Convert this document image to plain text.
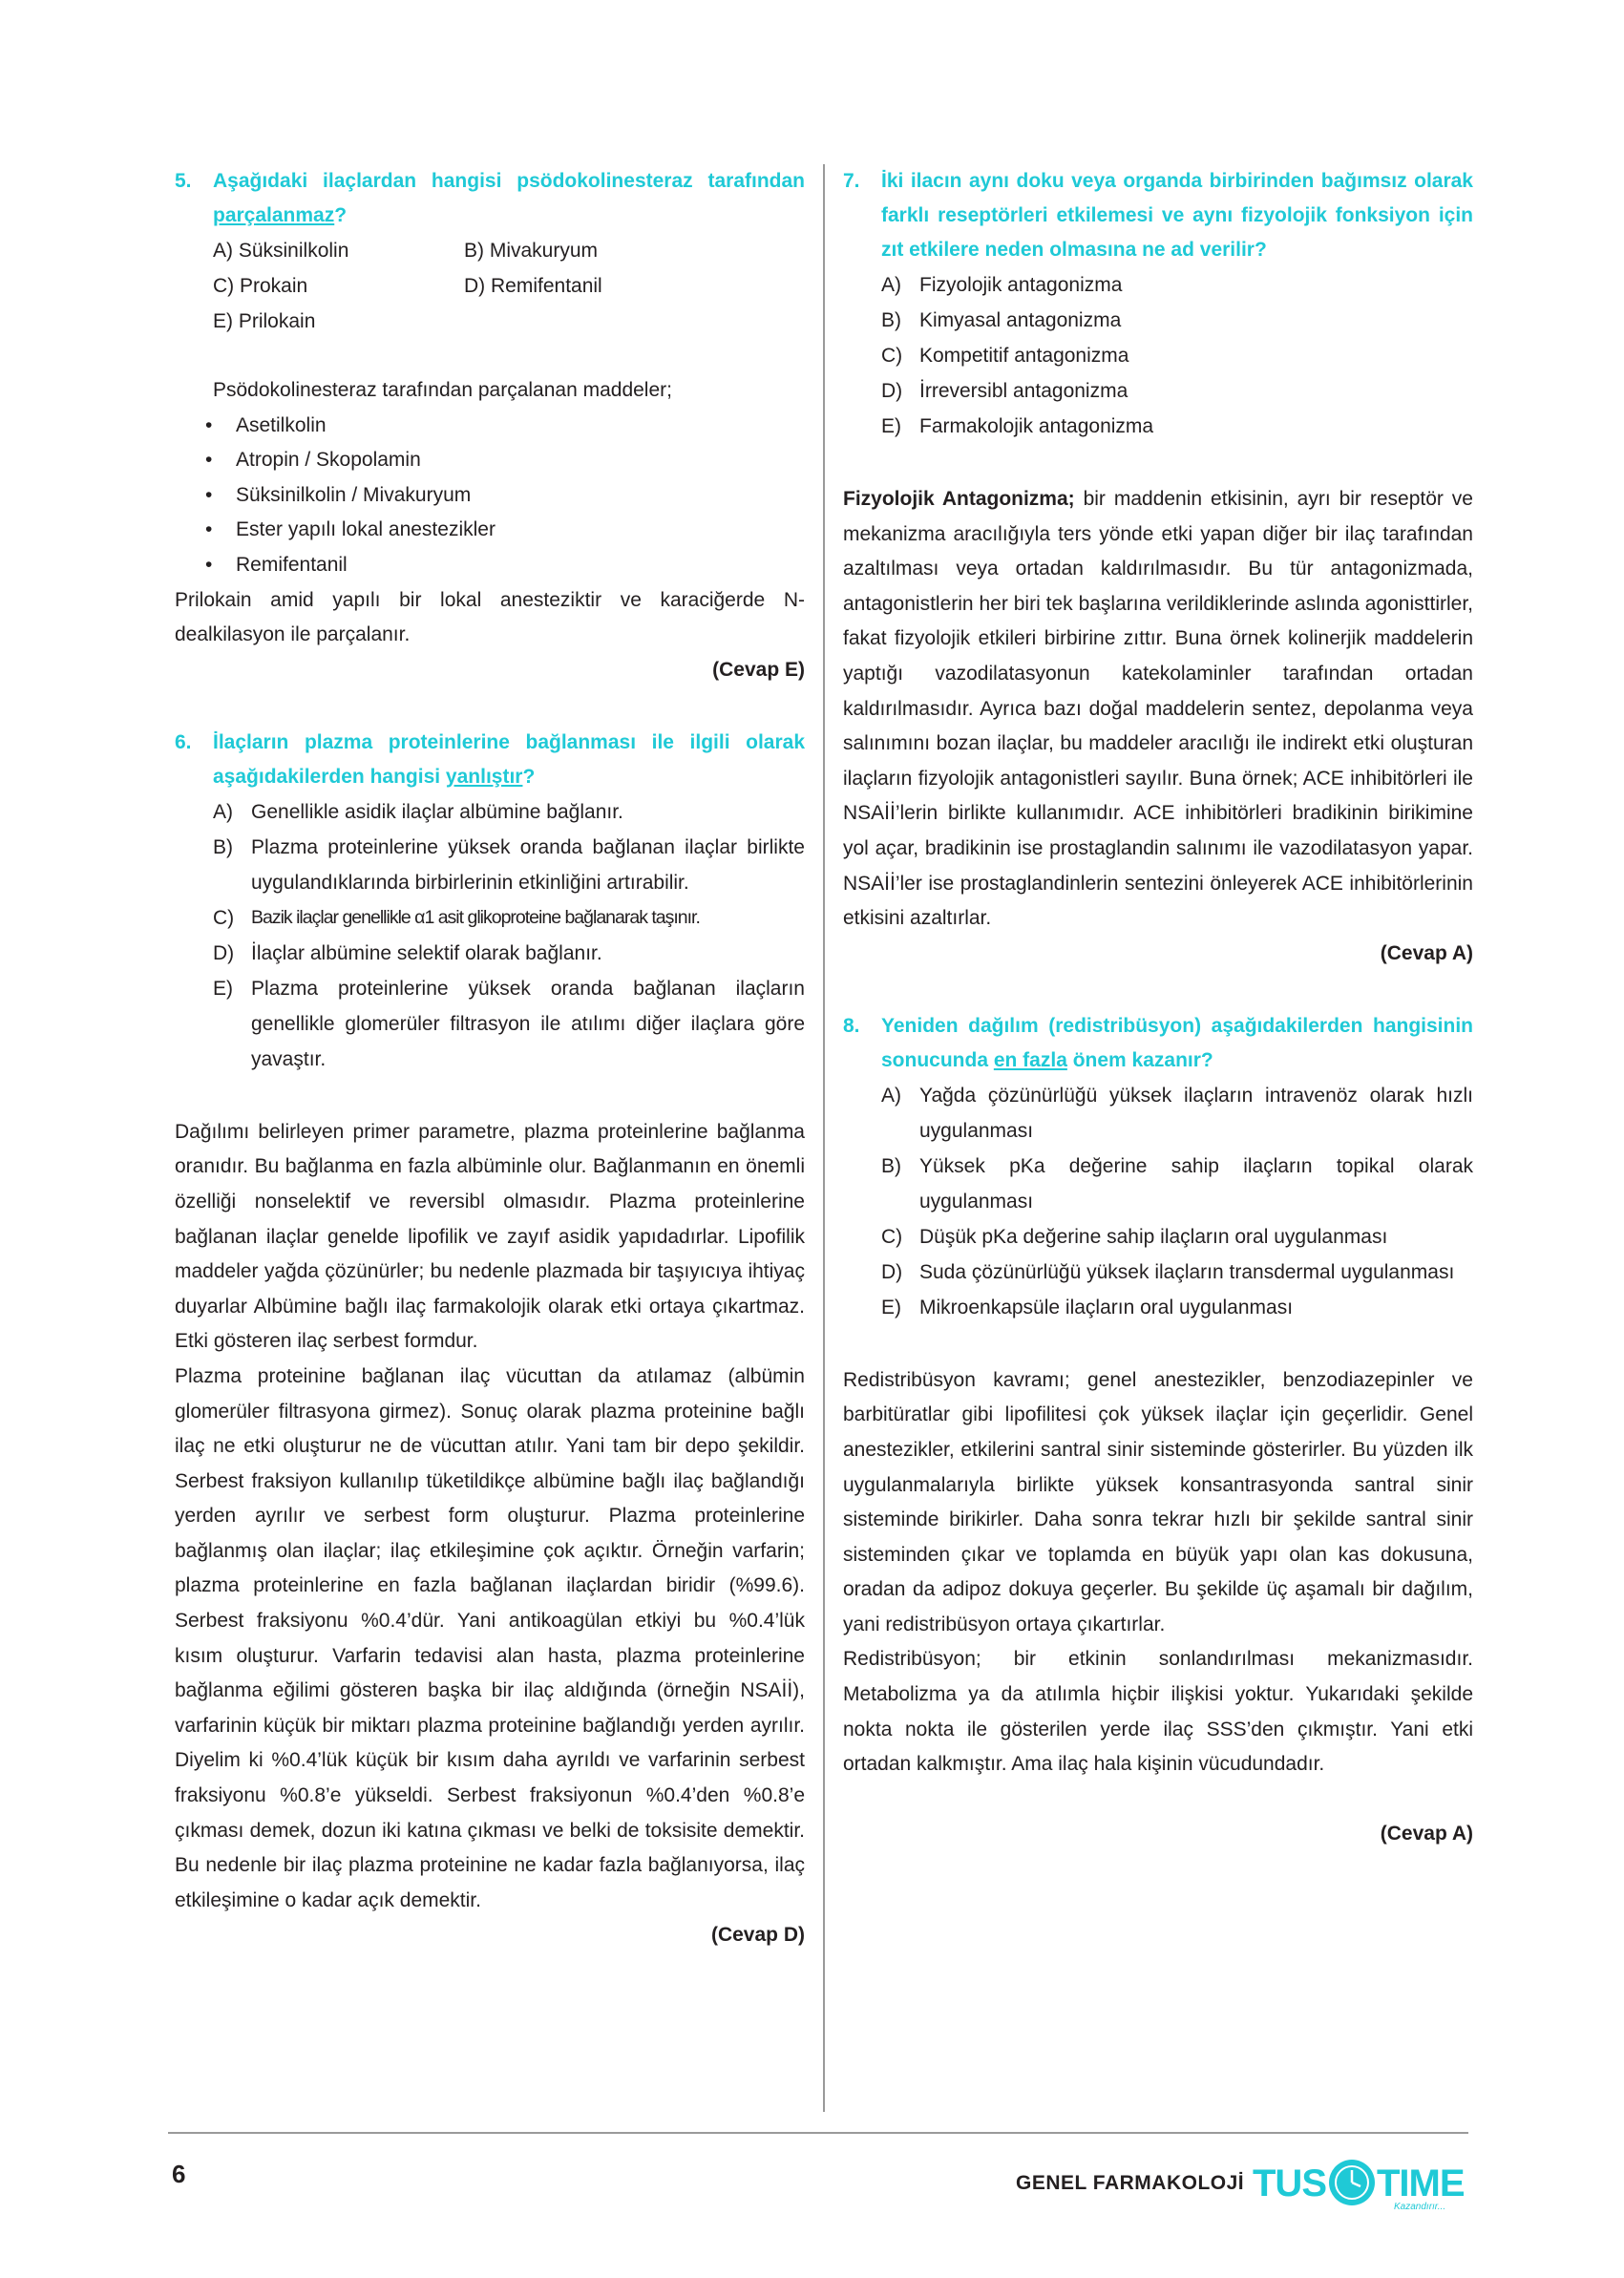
5.	Aşağıdaki ilaçlardan hangisi psödokolinesteraz tarafından parçalanmaz?
A) Süksinilkolin	B) Mivakuryum
C) Prokain	D) Remifentanil
E) Prilokain

Psödokolinesteraz tarafından parçalanan maddeler;

• Asetilkolin
• Atropin / Skopolamin
• Süksinilkolin / Mivakuryum
• Ester yapılı lokal anestezikler
• Remifentanil

Prilokain amid yapılı bir lokal anesteziktir ve karaciğerde N-dealkilasyon ile parçalanır.

(Cevap E)
6.	İlaçların plazma proteinlerine bağlanması ile ilgili olarak aşağıdakilerden hangisi yanlıştır?
A) Genellikle asidik ilaçlar albümine bağlanır.
B) Plazma proteinlerine yüksek oranda bağlanan ilaçlar birlikte uygulandıklarında birbirlerinin etkinliğini artırabilir.
C) Bazik ilaçlar genellikle α1 asit glikoproteine bağlanarak taşınır.
D) İlaçlar albümine selektif olarak bağlanır.
E) Plazma proteinlerine yüksek oranda bağlanan ilaçların genellikle glomerüler filtrasyon ile atılımı diğer ilaçlara göre yavaştır.

Dağılımı belirleyen primer parametre, plazma proteinlerine bağlanma oranıdır. Bu bağlanma en fazla albüminle olur. Bağlanmanın en önemli özelliği nonselektif ve reversibl olmasıdır. Plazma proteinlerine bağlanan ilaçlar genelde lipofilik ve zayıf asidik yapıdadırlar. Lipofilik maddeler yağda çözünürler; bu nedenle plazmada bir taşıyıcıya ihtiyaç duyarlar Albümine bağlı ilaç farmakolojik olarak etki ortaya çıkartmaz. Etki gösteren ilaç serbest formdur.

Plazma proteinine bağlanan ilaç vücuttan da atılamaz (albümin glomerüler filtrasyona girmez). Sonuç olarak plazma proteinine bağlı ilaç ne etki oluşturur ne de vücuttan atılır. Yani tam bir depo şekildir. Serbest fraksiyon kullanılıp tüketildikçe albümine bağlı ilaç bağlandığı yerden ayrılır ve serbest form oluşturur. Plazma proteinlerine bağlanmış olan ilaçlar; ilaç etkileşimine çok açıktır. Örneğin varfarin; plazma proteinlerine en fazla bağlanan ilaçlardan biridir (%99.6). Serbest fraksiyonu %0.4’dür. Yani antikoagülan etkiyi bu %0.4’lük kısım oluşturur. Varfarin tedavisi alan hasta, plazma proteinlerine bağlanma eğilimi gösteren başka bir ilaç aldığında (örneğin NSAİİ), varfarinin küçük bir miktarı plazma proteinine bağlandığı yerden ayrılır. Diyelim ki %0.4’lük küçük bir kısım daha ayrıldı ve varfarinin serbest fraksiyonu %0.8’e yükseldi. Serbest fraksiyonun %0.4’den %0.8’e çıkması demek, dozun iki katına çıkması ve belki de toksisite demektir. Bu nedenle bir ilaç plazma proteinine ne kadar fazla bağlanıyorsa, ilaç etkileşimine o kadar açık demektir.

(Cevap D)
7.	İki ilacın aynı doku veya organda birbirinden bağımsız olarak farklı reseptörleri etkilemesi ve aynı fizyolojik fonksiyon için zıt etkilere neden olmasına ne ad verilir?
A) Fizyolojik antagonizma
B) Kimyasal antagonizma
C) Kompetitif antagonizma
D) İrreversibl antagonizma
E) Farmakolojik antagonizma

Fizyolojik Antagonizma; bir maddenin etkisinin, ayrı bir reseptör ve mekanizma aracılığıyla ters yönde etki yapan diğer bir ilaç tarafından azaltılması veya ortadan kaldırılmasıdır. Bu tür antagonizmada, antagonistlerin her biri tek başlarına verildiklerinde aslında agonisttirler, fakat fizyolojik etkileri birbirine zıttır. Buna örnek kolinerjik maddelerin yaptığı vazodilatasyonun katekolaminler tarafından ortadan kaldırılmasıdır. Ayrıca bazı doğal maddelerin sentez, depolanma veya salınımını bozan ilaçlar, bu maddeler aracılığı ile indirekt etki oluşturan ilaçların fizyolojik antagonistleri sayılır. Buna örnek; ACE inhibitörleri ile NSAİİ’lerin birlikte kullanımıdır. ACE inhibitörleri bradikinin birikimine yol açar, bradikinin ise prostaglandin salınımı ile vazodilatasyon yapar. NSAİİ’ler ise prostaglandinlerin sentezini önleyerek ACE inhibitörlerinin etkisini azaltırlar.

(Cevap A)
8.	Yeniden dağılım (redistribüsyon) aşağıdakilerden hangisinin sonucunda en fazla önem kazanır?
A) Yağda çözünürlüğü yüksek ilaçların intravenöz olarak hızlı uygulanması
B) Yüksek pKa değerine sahip ilaçların topikal olarak uygulanması
C) Düşük pKa değerine sahip ilaçların oral uygulanması
D) Suda çözünürlüğü yüksek ilaçların transdermal uygulanması
E) Mikroenkapsüle ilaçların oral uygulanması

Redistribüsyon kavramı; genel anestezikler, benzodiazepinler ve barbitüratlar gibi lipofilitesi çok yüksek ilaçlar için geçerlidir. Genel anestezikler, etkilerini santral sinir sisteminde gösterirler. Bu yüzden ilk uygulanmalarıyla birlikte yüksek konsantrasyonda santral sinir sisteminde birikirler. Daha sonra tekrar hızlı bir şekilde santral sinir sisteminden çıkar ve toplamda en büyük yapı olan kas dokusuna, oradan da adipoz dokuya geçerler. Bu şekilde üç aşamalı bir dağılım, yani redistribüsyon ortaya çıkartırlar.

Redistribüsyon; bir etkinin sonlandırılması mekanizmasıdır. Metabolizma ya da atılımla hiçbir ilişkisi yoktur. Yukarıdaki şekilde nokta nokta ile gösterilen yerde ilaç SSS’den çıkmıştır. Yani etki ortadan kalkmıştır. Ama ilaç hala kişinin vücudundadır.

(Cevap A)
6	GENEL FARMAKOLOJİ TUS TIME
Kazandırır...
